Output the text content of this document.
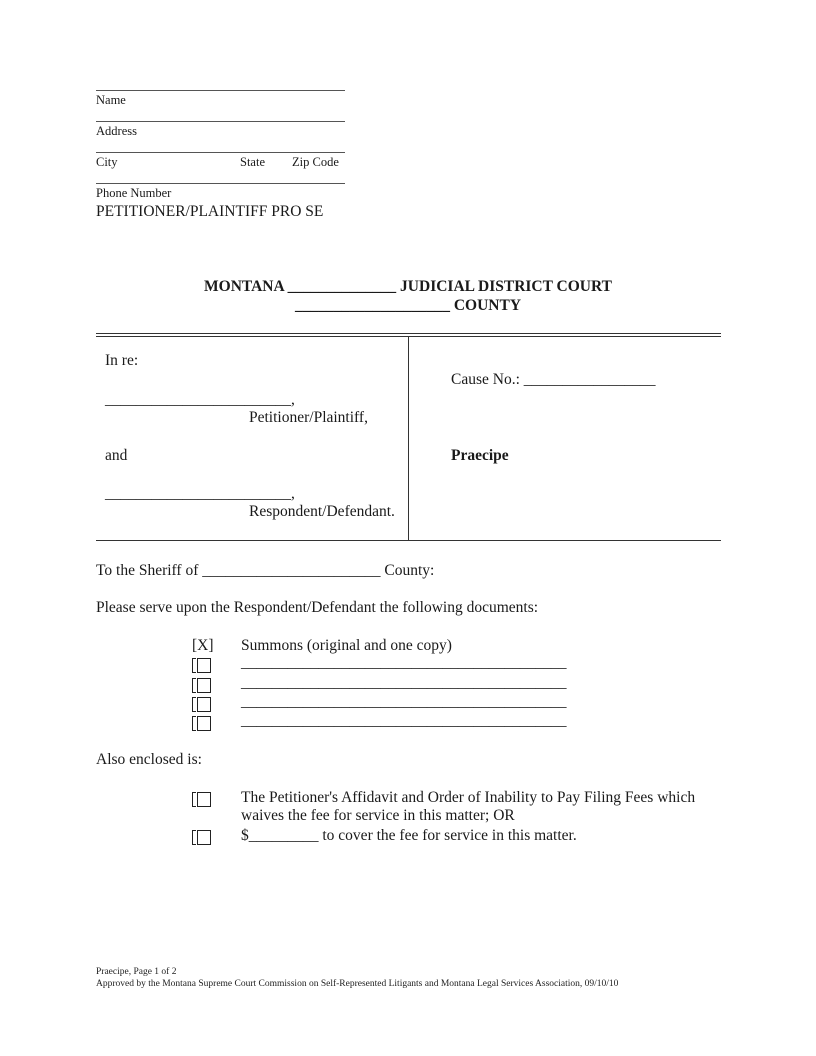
Name
Address
City	State Zip Code
Phone Number
PETITIONER/PLAINTIFF PRO SE
MONTANA ______________ JUDICIAL DISTRICT COURT
____________________ COUNTY
In re:
________________________,
Petitioner/Plaintiff,
and
________________________,
Respondent/Defendant.
Cause No.: _________________
Praecipe
To the Sheriff of _______________________ County:
Please serve upon the Respondent/Defendant the following documents:
[X] Summons (original and one copy)
__________________________________________
__________________________________________
__________________________________________
__________________________________________
Also enclosed is:
The Petitioner's Affidavit and Order of Inability to Pay Filing Fees which
waives the fee for service in this matter; OR
$_________ to cover the fee for service in this matter.
Praecipe, Page 1 of 2
Approved by the Montana Supreme Court Commission on Self-Represented Litigants and Montana Legal Services Association, 09/10/10
